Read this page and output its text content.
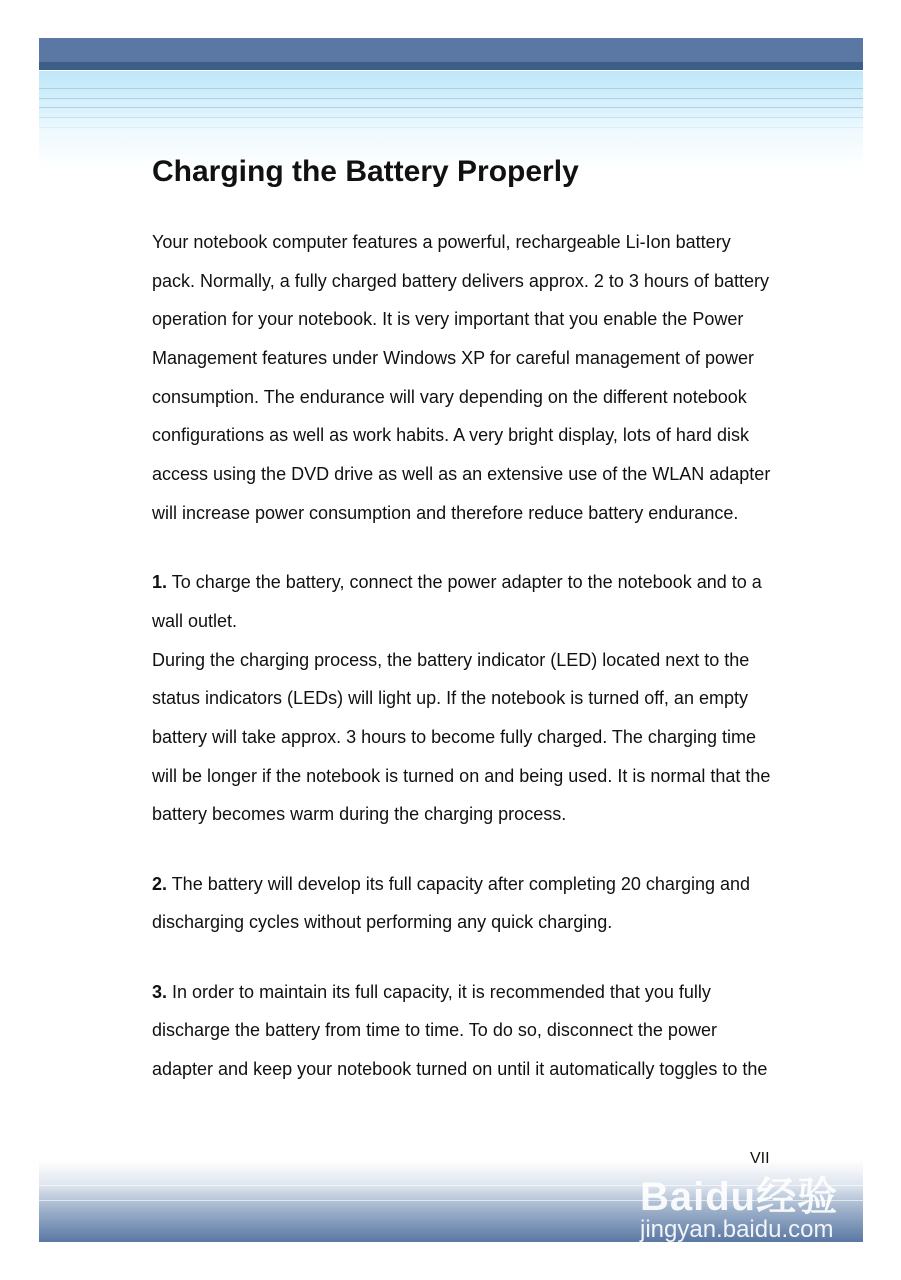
Charging the Battery Properly
Your notebook computer features a powerful, rechargeable Li-Ion battery
pack. Normally, a fully charged battery delivers approx. 2 to 3 hours of battery
operation for your notebook. It is very important that you enable the Power
Management features under Windows XP for careful management of power
consumption. The endurance will vary depending on the different notebook
configurations as well as work habits. A very bright display, lots of hard disk
access using the DVD drive as well as an extensive use of the WLAN adapter
will increase power consumption and therefore reduce battery endurance.
1. To charge the battery, connect the power adapter to the notebook and to a
wall outlet.
During the charging process, the battery indicator (LED) located next to the
status indicators (LEDs) will light up. If the notebook is turned off, an empty
battery will take approx. 3 hours to become fully charged. The charging time
will be longer if the notebook is turned on and being used. It is normal that the
battery becomes warm during the charging process.
2. The battery will develop its full capacity after completing 20 charging and
discharging cycles without performing any quick charging.
3. In order to maintain its full capacity, it is recommended that you fully
discharge the battery from time to time. To do so, disconnect the power
adapter and keep your notebook turned on until it automatically toggles to the
Baidu经验
jingyan.baidu.com
VII
